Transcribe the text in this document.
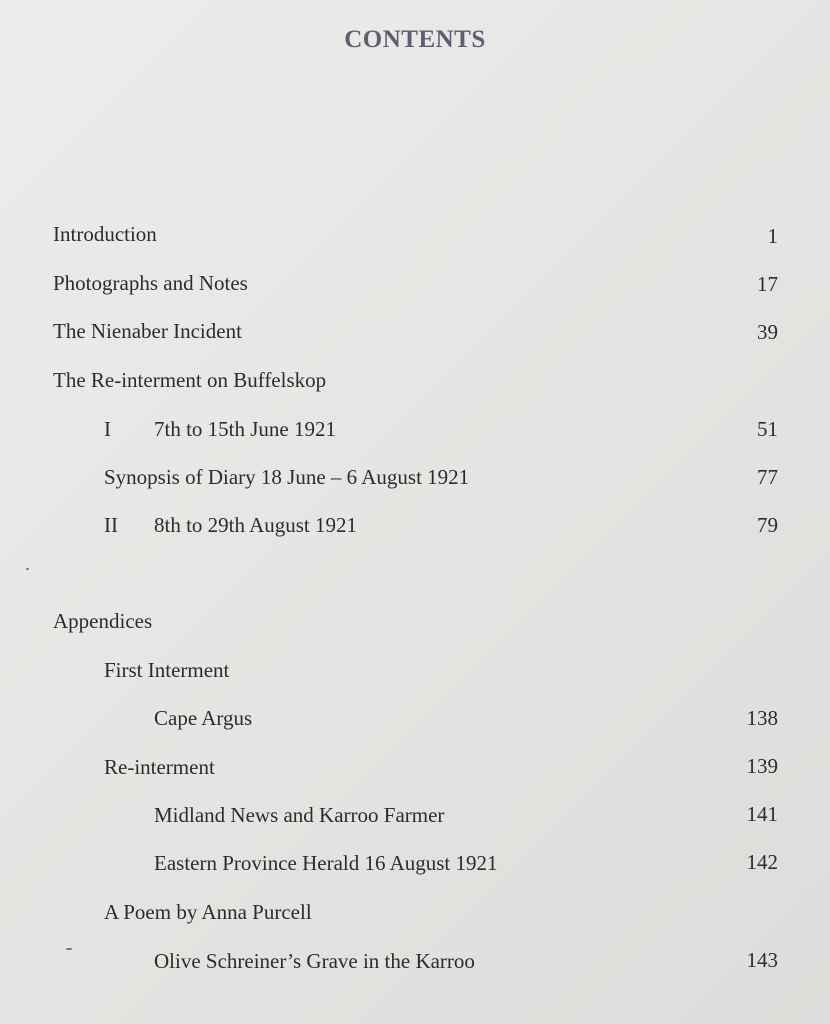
CONTENTS
Introduction	1
Photographs and Notes	17
The Nienaber Incident	39
The Re-interment on Buffelskop
I 7th to 15th June 1921	51
Synopsis of Diary 18 June – 6 August 1921	77
II 8th to 29th August 1921	79
Appendices
First Interment
Cape Argus	138
Re-interment	139
Midland News and Karroo Farmer	141
Eastern Province Herald 16 August 1921	142
A Poem by Anna Purcell
Olive Schreiner’s Grave in the Karroo	143
